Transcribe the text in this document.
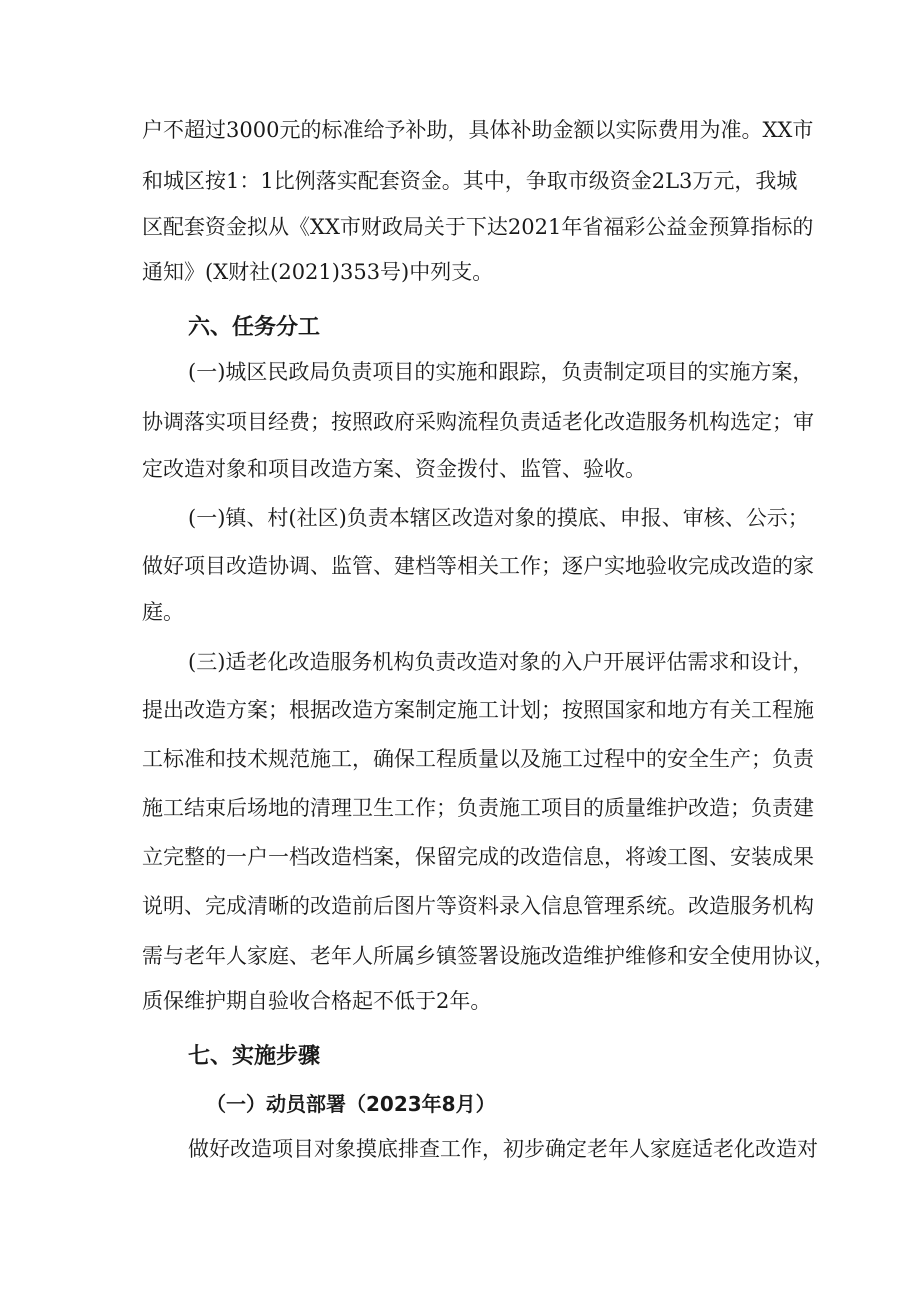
户不超过3000元的标准给予补助，具体补助金额以实际费用为准。XX市
和城区按1：1比例落实配套资金。其中，争取市级资金2L3万元，我城
区配套资金拟从《XX市财政局关于下达2021年省福彩公益金预算指标的
通知》(X财社(2021)353号)中列支。
六、任务分工
(一)城区民政局负责项目的实施和跟踪，负责制定项目的实施方案，
协调落实项目经费；按照政府采购流程负责适老化改造服务机构选定；审
定改造对象和项目改造方案、资金拨付、监管、验收。
(一)镇、村(社区)负责本辖区改造对象的摸底、申报、审核、公示；
做好项目改造协调、监管、建档等相关工作；逐户实地验收完成改造的家
庭。
(三)适老化改造服务机构负责改造对象的入户开展评估需求和设计，
提出改造方案；根据改造方案制定施工计划；按照国家和地方有关工程施
工标准和技术规范施工，确保工程质量以及施工过程中的安全生产；负责
施工结束后场地的清理卫生工作；负责施工项目的质量维护改造；负责建
立完整的一户一档改造档案，保留完成的改造信息，将竣工图、安装成果
说明、完成清晰的改造前后图片等资料录入信息管理系统。改造服务机构
需与老年人家庭、老年人所属乡镇签署设施改造维护维修和安全使用协议，
质保维护期自验收合格起不低于2年。
七、实施步骤
（一）动员部署（2023年8月）
做好改造项目对象摸底排查工作，初步确定老年人家庭适老化改造对
